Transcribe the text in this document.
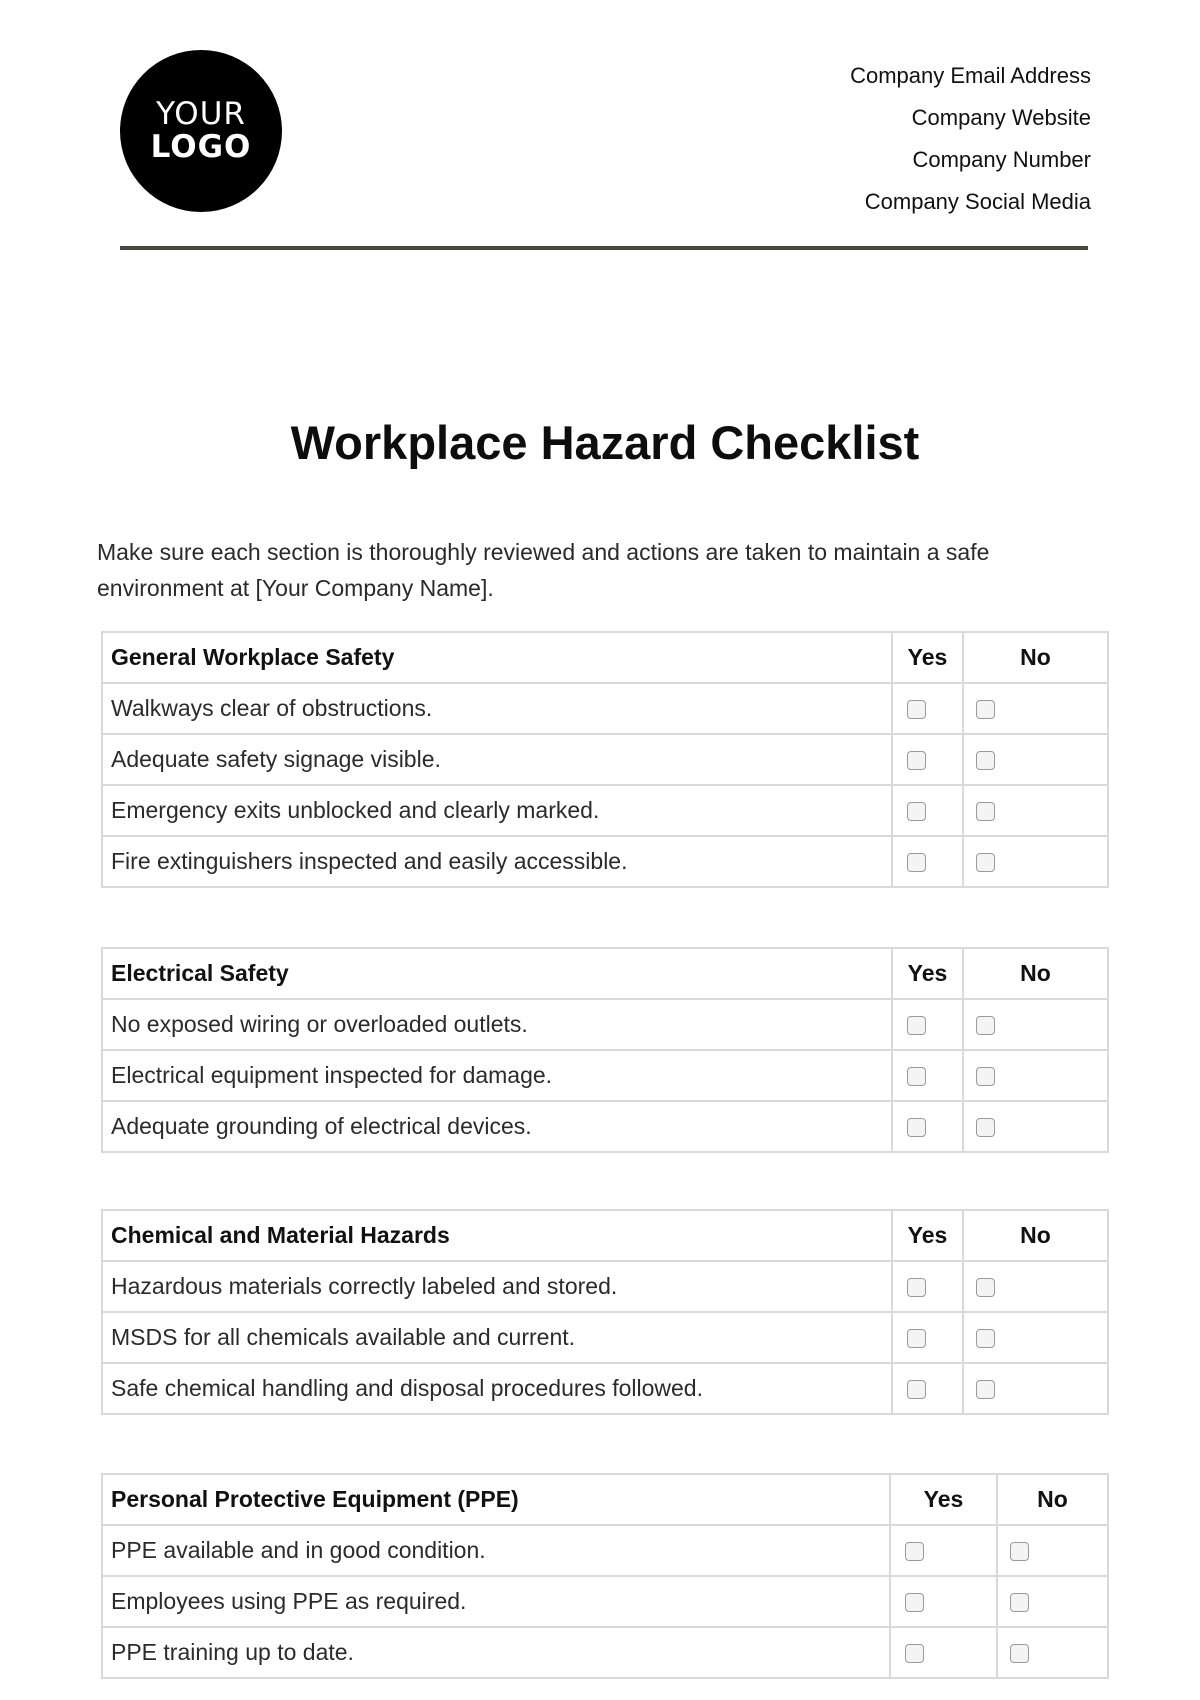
YOUR
LOGO
Company Email Address
Company Website
Company Number
Company Social Media
Workplace Hazard Checklist
Make sure each section is thoroughly reviewed and actions are taken to maintain a safe environment at [Your Company Name].
General Workplace Safety	Yes	No
Walkways clear of obstructions.		
Adequate safety signage visible.		
Emergency exits unblocked and clearly marked.		
Fire extinguishers inspected and easily accessible.		
Electrical Safety	Yes	No
No exposed wiring or overloaded outlets.		
Electrical equipment inspected for damage.		
Adequate grounding of electrical devices.		
Chemical and Material Hazards	Yes	No
Hazardous materials correctly labeled and stored.		
MSDS for all chemicals available and current.		
Safe chemical handling and disposal procedures followed.		
Personal Protective Equipment (PPE)	Yes	No
PPE available and in good condition.		
Employees using PPE as required.		
PPE training up to date.		
